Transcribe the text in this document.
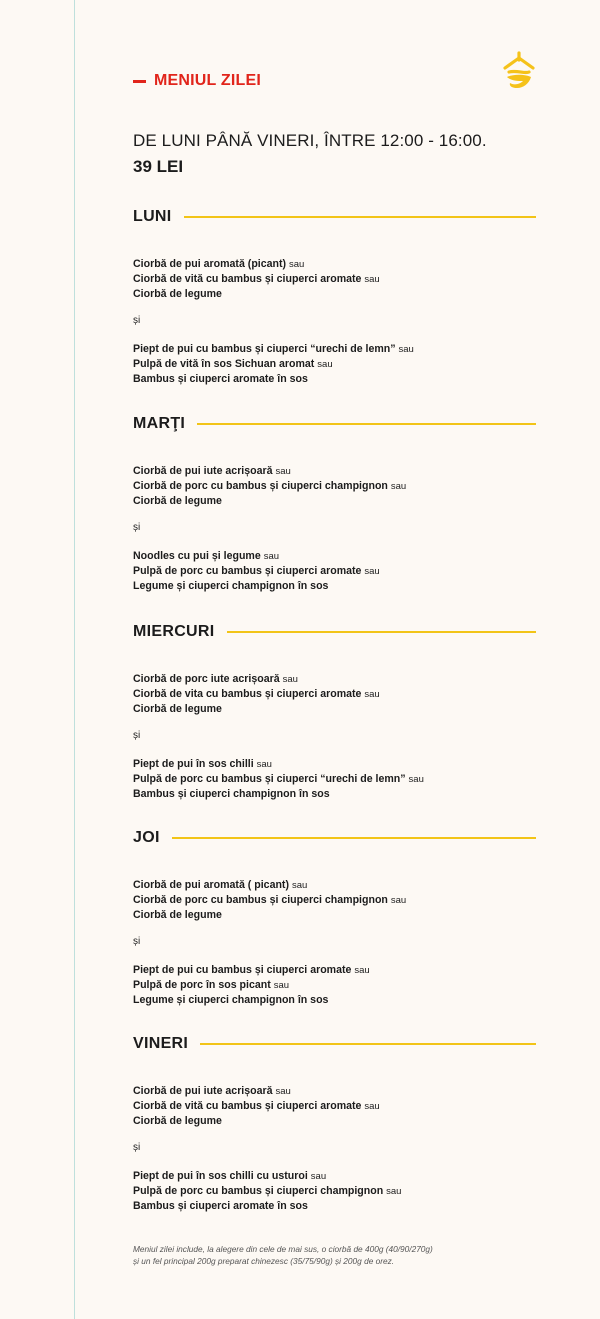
MENIUL ZILEI
DE LUNI PÂNĂ VINERI, ÎNTRE 12:00 - 16:00.
39 LEI
LUNI
Ciorbă de pui aromată (picant) sau
Ciorbă de vită cu bambus și ciuperci aromate sau
Ciorbă de legume
și
Piept de pui cu bambus și ciuperci “urechi de lemn” sau
Pulpă de vită în sos Sichuan aromat sau
Bambus și ciuperci aromate în sos
MARŢI
Ciorbă de pui iute acrișoară sau
Ciorbă de porc cu bambus și ciuperci champignon sau
Ciorbă de legume
și
Noodles cu pui și legume sau
Pulpă de porc cu bambus și ciuperci aromate sau
Legume și ciuperci champignon în sos
MIERCURI
Ciorbă de porc iute acrișoară sau
Ciorbă de vita cu bambus și ciuperci aromate sau
Ciorbă de legume
și
Piept de pui în sos chilli sau
Pulpă de porc cu bambus și ciuperci “urechi de lemn” sau
Bambus și ciuperci champignon în sos
JOI
Ciorbă de pui aromată ( picant) sau
Ciorbă de porc cu bambus și ciuperci champignon sau
Ciorbă de legume
și
Piept de pui cu bambus și ciuperci aromate sau
Pulpă de porc în sos picant sau
Legume și ciuperci champignon în sos
VINERI
Ciorbă de pui iute acrișoară sau
Ciorbă de vită cu bambus și ciuperci aromate sau
Ciorbă de legume
și
Piept de pui în sos chilli cu usturoi sau
Pulpă de porc cu bambus și ciuperci champignon sau
Bambus și ciuperci aromate în sos
Meniul zilei include, la alegere din cele de mai sus, o ciorbă de 400g (40/90/270g)
și un fel principal 200g preparat chinezesc (35/75/90g) și 200g de orez.
